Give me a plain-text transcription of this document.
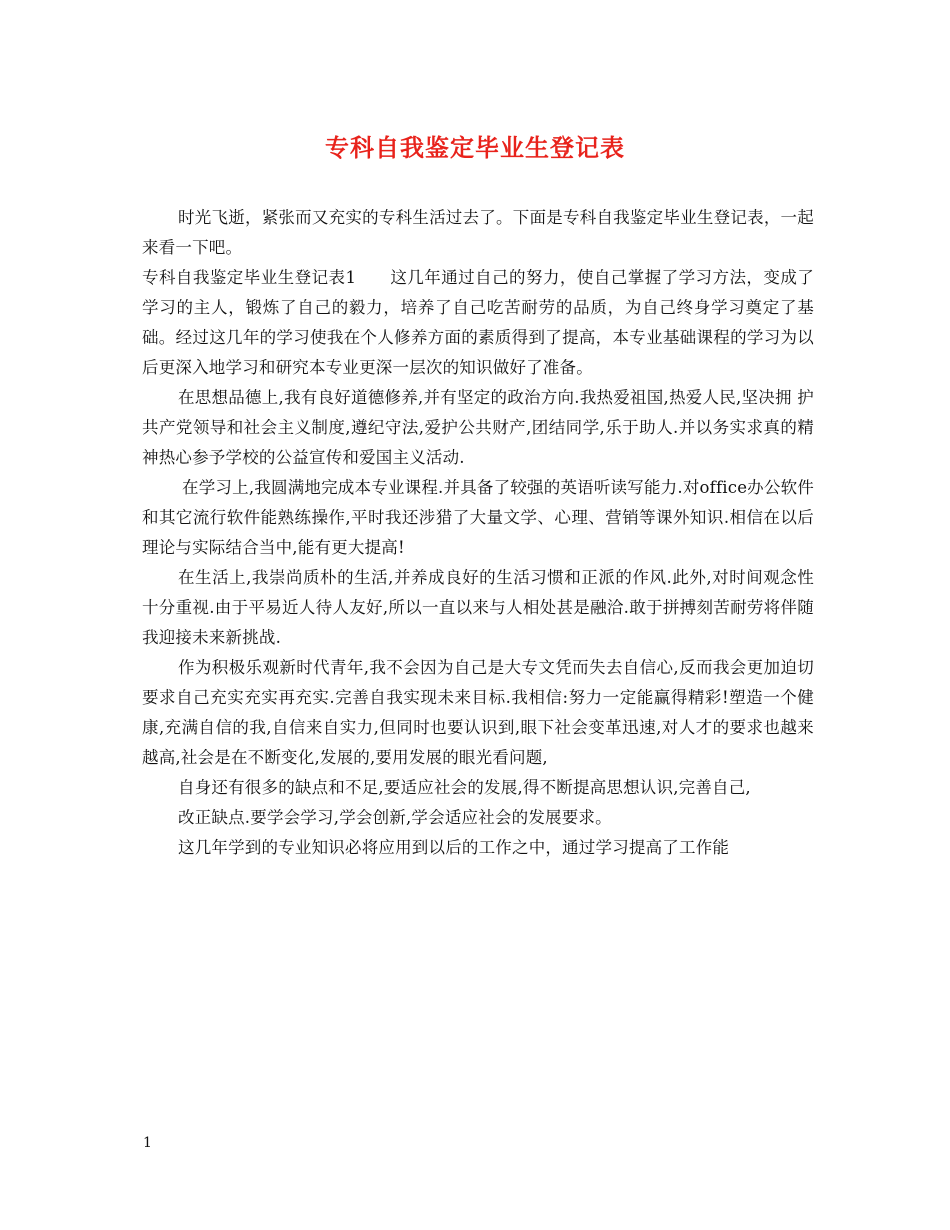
专科自我鉴定毕业生登记表

时光飞逝，紧张而又充实的专科生活过去了。下面是专科自我鉴定毕业生登记表，一起来看一下吧。

专科自我鉴定毕业生登记表1　　这几年通过自己的努力，使自己掌握了学习方法，变成了学习的主人，锻炼了自己的毅力，培养了自己吃苦耐劳的品质，为自己终身学习奠定了基础。经过这几年的学习使我在个人修养方面的素质得到了提高，本专业基础课程的学习为以后更深入地学习和研究本专业更深一层次的知识做好了准备。

在思想品德上,我有良好道德修养,并有坚定的政治方向.我热爱祖国,热爱人民,坚决拥 护共产党领导和社会主义制度,遵纪守法,爱护公共财产,团结同学,乐于助人.并以务实求真的精神热心参予学校的公益宣传和爱国主义活动.

在学习上,我圆满地完成本专业课程.并具备了较强的英语听读写能力.对office办公软件和其它流行软件能熟练操作,平时我还涉猎了大量文学、心理、营销等课外知识.相信在以后理论与实际结合当中,能有更大提高!

在生活上,我崇尚质朴的生活,并养成良好的生活习惯和正派的作风.此外,对时间观念性十分重视.由于平易近人待人友好,所以一直以来与人相处甚是融洽.敢于拼搏刻苦耐劳将伴随我迎接未来新挑战.

作为积极乐观新时代青年,我不会因为自己是大专文凭而失去自信心,反而我会更加迫切要求自己充实充实再充实.完善自我实现未来目标.我相信:努力一定能赢得精彩!塑造一个健康,充满自信的我,自信来自实力,但同时也要认识到,眼下社会变革迅速,对人才的要求也越来越高,社会是在不断变化,发展的,要用发展的眼光看问题,

自身还有很多的缺点和不足,要适应社会的发展,得不断提高思想认识,完善自己,

改正缺点.要学会学习,学会创新,学会适应社会的发展要求。

这几年学到的专业知识必将应用到以后的工作之中，通过学习提高了工作能

1
